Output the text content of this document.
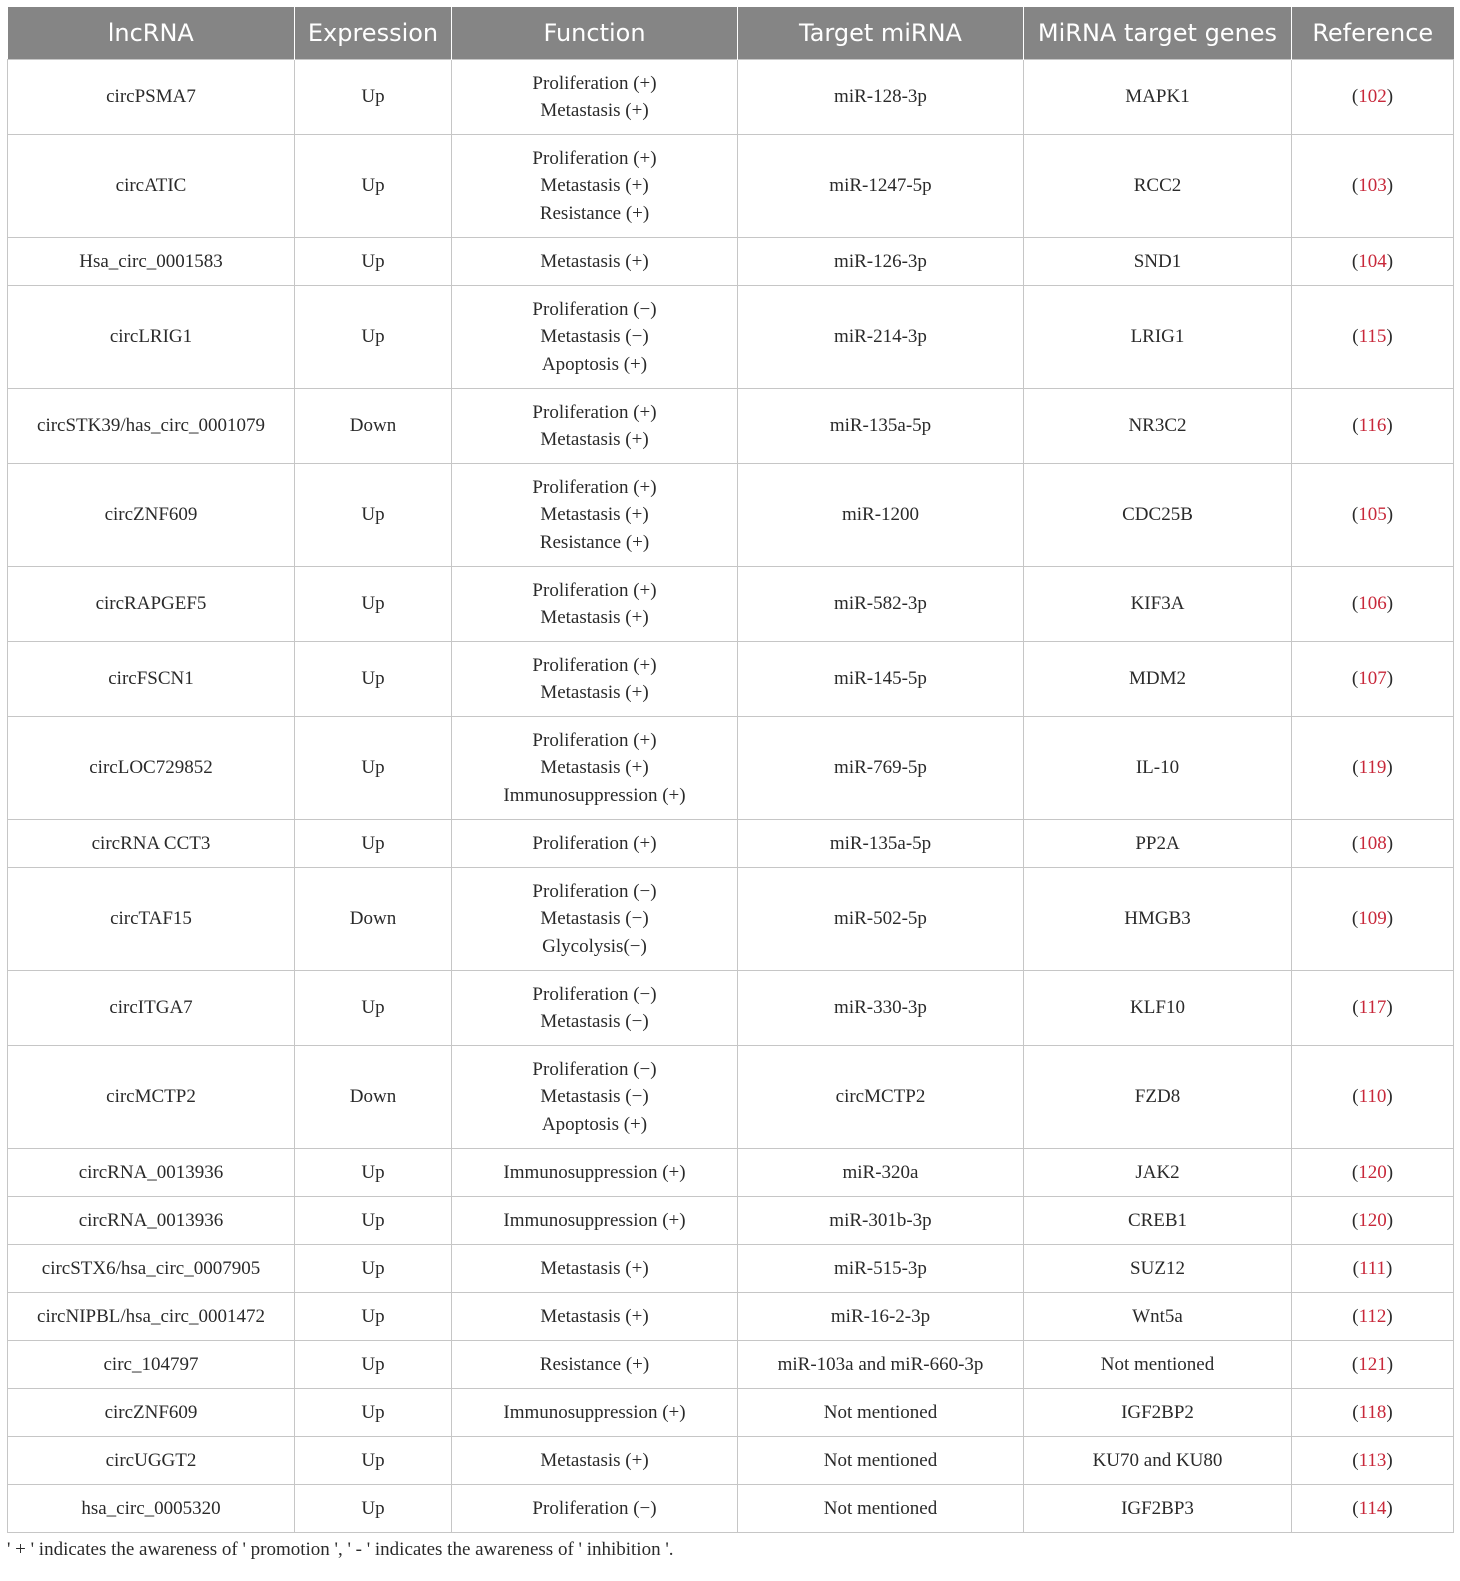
lncRNA	Expression	Function	Target miRNA	MiRNA target genes	Reference
circPSMA7	Up	Proliferation (+)
Metastasis (+)	miR-128-3p	MAPK1	(102)
circATIC	Up	Proliferation (+)
Metastasis (+)
Resistance (+)	miR-1247-5p	RCC2	(103)
Hsa_circ_0001583	Up	Metastasis (+)	miR-126-3p	SND1	(104)
circLRIG1	Up	Proliferation (−)
Metastasis (−)
Apoptosis (+)	miR-214-3p	LRIG1	(115)
circSTK39/has_circ_0001079	Down	Proliferation (+)
Metastasis (+)	miR-135a-5p	NR3C2	(116)
circZNF609	Up	Proliferation (+)
Metastasis (+)
Resistance (+)	miR-1200	CDC25B	(105)
circRAPGEF5	Up	Proliferation (+)
Metastasis (+)	miR-582-3p	KIF3A	(106)
circFSCN1	Up	Proliferation (+)
Metastasis (+)	miR-145-5p	MDM2	(107)
circLOC729852	Up	Proliferation (+)
Metastasis (+)
Immunosuppression (+)	miR-769-5p	IL-10	(119)
circRNA CCT3	Up	Proliferation (+)	miR-135a-5p	PP2A	(108)
circTAF15	Down	Proliferation (−)
Metastasis (−)
Glycolysis(−)	miR-502-5p	HMGB3	(109)
circITGA7	Up	Proliferation (−)
Metastasis (−)	miR-330-3p	KLF10	(117)
circMCTP2	Down	Proliferation (−)
Metastasis (−)
Apoptosis (+)	circMCTP2	FZD8	(110)
circRNA_0013936	Up	Immunosuppression (+)	miR-320a	JAK2	(120)
circRNA_0013936	Up	Immunosuppression (+)	miR-301b-3p	CREB1	(120)
circSTX6/hsa_circ_0007905	Up	Metastasis (+)	miR-515-3p	SUZ12	(111)
circNIPBL/hsa_circ_0001472	Up	Metastasis (+)	miR-16-2-3p	Wnt5a	(112)
circ_104797	Up	Resistance (+)	miR-103a and miR-660-3p	Not mentioned	(121)
circZNF609	Up	Immunosuppression (+)	Not mentioned	IGF2BP2	(118)
circUGGT2	Up	Metastasis (+)	Not mentioned	KU70 and KU80	(113)
hsa_circ_0005320	Up	Proliferation (−)	Not mentioned	IGF2BP3	(114)
' + ' indicates the awareness of ' promotion ', ' - ' indicates the awareness of ' inhibition '.
